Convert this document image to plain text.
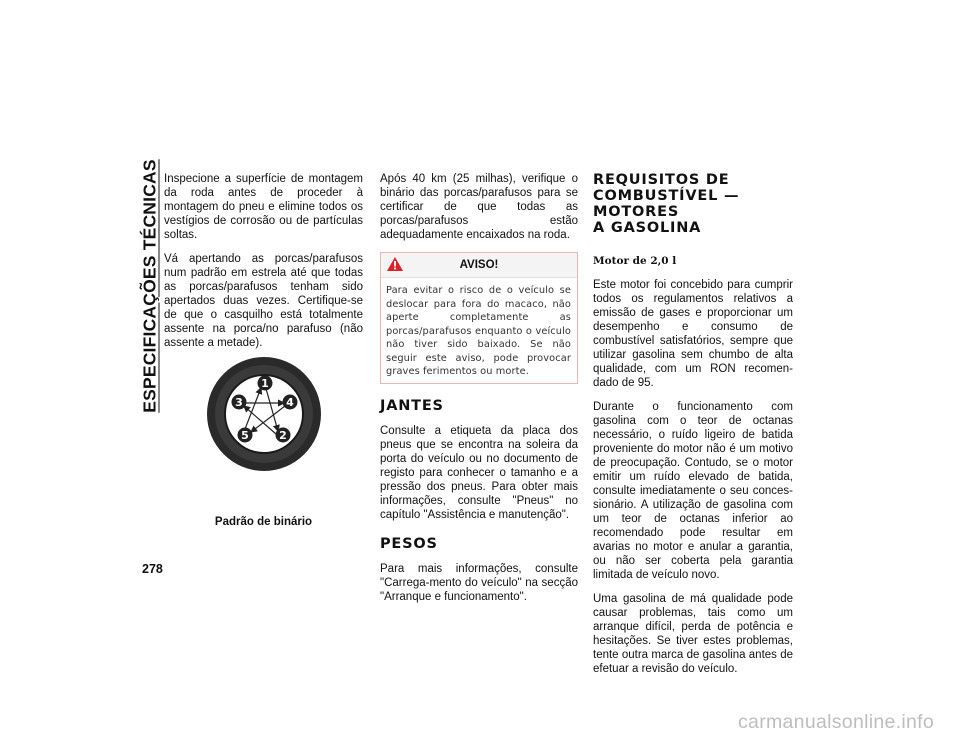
ESPECIFICAÇÕES TÉCNICAS
278

Inspecione a superfície de montagem da roda antes de proceder à montagem do pneu e elimine todos os vestígios de corrosão ou de partículas soltas.

Vá apertando as porcas/parafusos num padrão em estrela até que todas as porcas/parafusos tenham sido apertados duas vezes. Certifique-se de que o casquilho está totalmente assente na porca/no parafuso (não assente a metade).

1
2
3	4
5
Padrão de binário

Após 40 km (25 milhas), verifique o binário das porcas/parafusos para se certificar de que todas as porcas/parafusos estão adequadamente encaixados na roda.

AVISO!
Para evitar o risco de o veículo se deslocar para fora do macaco, não aperte completamente as porcas/parafusos enquanto o veículo não tiver sido baixado. Se não seguir este aviso, pode provocar graves ferimentos ou morte.
JANTES

Consulte a etiqueta da placa dos pneus que se encontra na soleira da porta do veículo ou no documento de registo para conhecer o tamanho e a pressão dos pneus. Para obter mais informações, consulte "Pneus" no capítulo "Assistência e manutenção".

PESOS

Para mais informações, consulte "Carrega-mento do veículo" na secção "Arranque e funcionamento".

REQUISITOS DE
COMBUSTÍVEL — MOTORES
A GASOLINA
Motor de 2,0 l

Este motor foi concebido para cumprir todos os regulamentos relativos a emissão de gases e proporcionar um desempenho e consumo de combustível satisfatórios, sempre que utilizar gasolina sem chumbo de alta qualidade, com um RON recomen-dado de 95.

Durante o funcionamento com gasolina com o teor de octanas necessário, o ruído ligeiro de batida proveniente do motor não é um motivo de preocupação. Contudo, se o motor emitir um ruído elevado de batida, consulte imediatamente o seu conces-sionário. A utilização de gasolina com um teor de octanas inferior ao recomendado pode resultar em avarias no motor e anular a garantia, ou não ser coberta pela garantia limitada de veículo novo.

Uma gasolina de má qualidade pode causar problemas, tais como um arranque difícil, perda de potência e hesitações. Se tiver estes problemas, tente outra marca de gasolina antes de efetuar a revisão do veículo.

carmanualsonline.info
